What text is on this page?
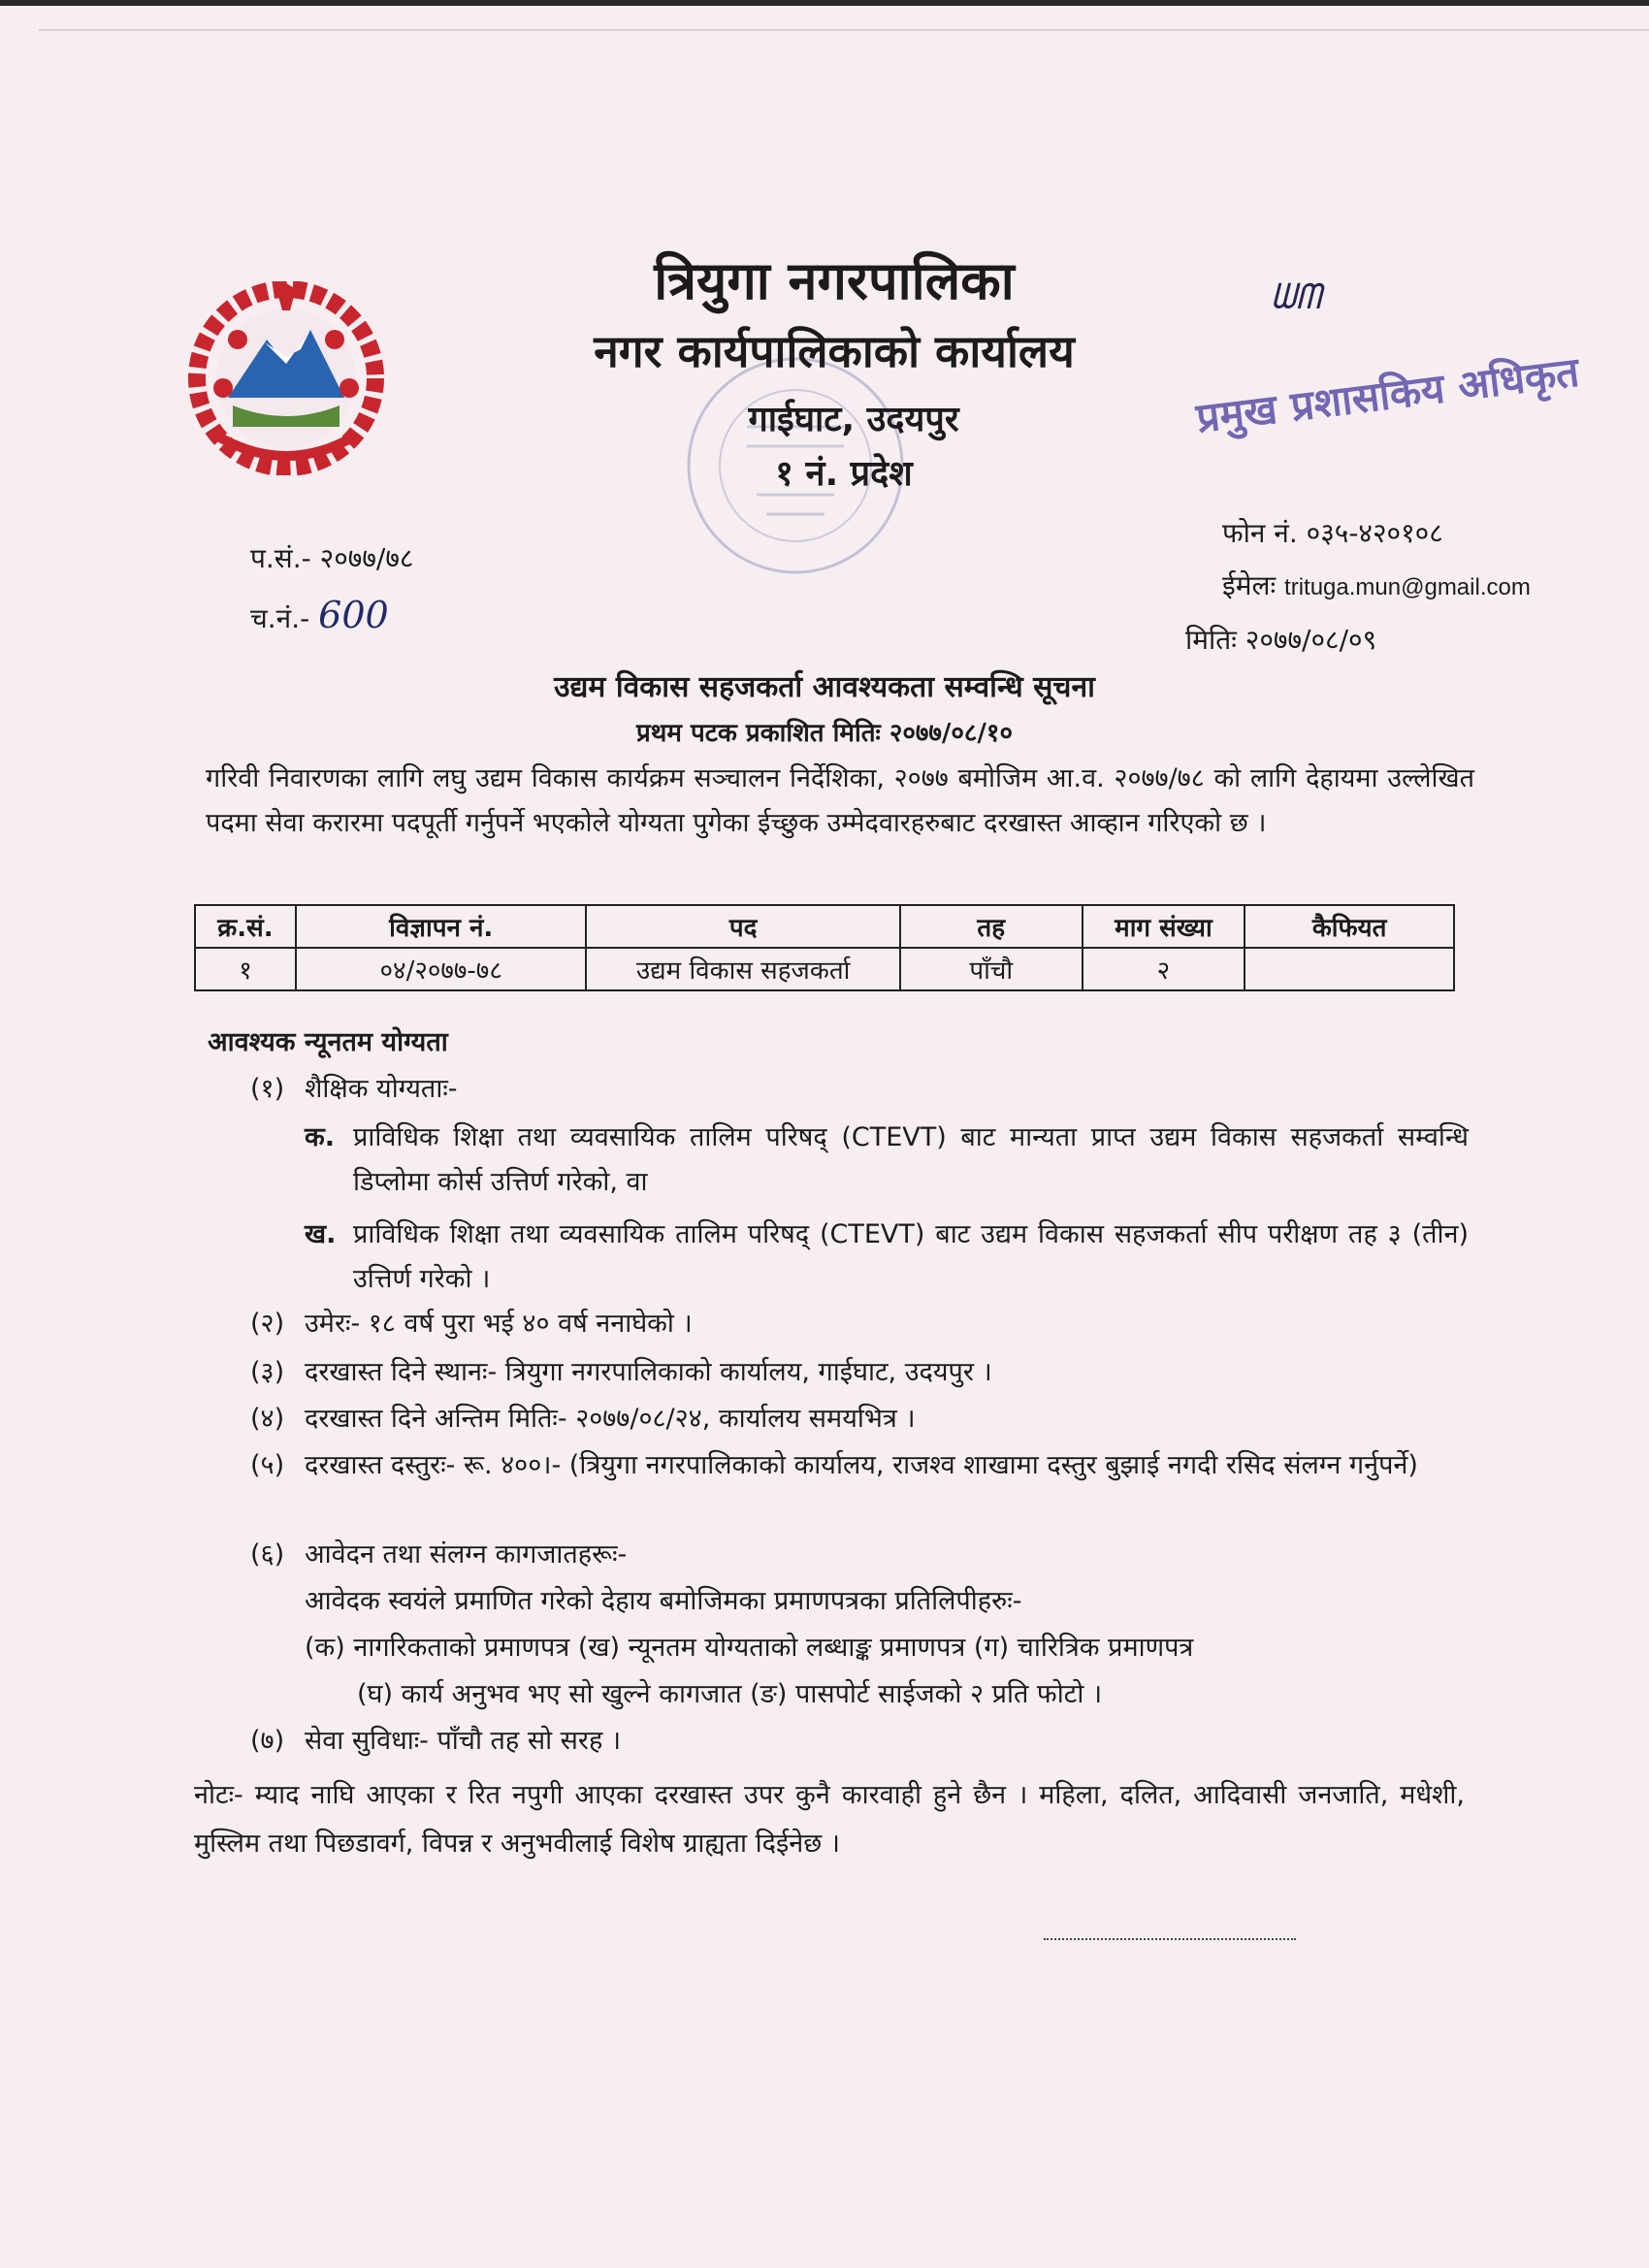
त्रियुगा नगरपालिका
नगर कार्यपालिकाको कार्यालय
गाईघाट, उदयपुर
१ नं. प्रदेश
ᗯᗰ
प्रमुख प्रशासकिय अधिकृत
प.सं.- २०७७/७८
च.नं.- 600
फोन नं. ०३५-४२०१०८
ईमेलः trituga.mun@gmail.com
मितिः २०७७/०८/०९
उद्यम विकास सहजकर्ता आवश्यकता सम्वन्धि सूचना
प्रथम पटक प्रकाशित मितिः २०७७/०८/१०
गरिवी निवारणका लागि लघु उद्यम विकास कार्यक्रम सञ्चालन निर्देशिका, २०७७ बमोजिम आ.व. २०७७/७८ को लागि देहायमा उल्लेखित पदमा सेवा करारमा पदपूर्ती गर्नुपर्ने भएकोले योग्यता पुगेका ईच्छुक उम्मेदवारहरुबाट दरखास्त आव्हान गरिएको छ ।
क्र.सं.	विज्ञापन नं.	पद	तह	माग संख्या	कैफियत
१	०४/२०७७-७८	उद्यम विकास सहजकर्ता	पाँचौ	२	
आवश्यक न्यूनतम योग्यता
(१) शैक्षिक योग्यताः-
क. प्राविधिक शिक्षा तथा व्यवसायिक तालिम परिषद् (CTEVT) बाट मान्यता प्राप्त उद्यम विकास सहजकर्ता सम्वन्धि डिप्लोमा कोर्स उत्तिर्ण गरेको, वा
ख. प्राविधिक शिक्षा तथा व्यवसायिक तालिम परिषद् (CTEVT) बाट उद्यम विकास सहजकर्ता सीप परीक्षण तह ३ (तीन) उत्तिर्ण गरेको ।
(२) उमेरः- १८ वर्ष पुरा भई ४० वर्ष ननाघेको ।
(३) दरखास्त दिने स्थानः- त्रियुगा नगरपालिकाको कार्यालय, गाईघाट, उदयपुर ।
(४) दरखास्त दिने अन्तिम मितिः- २०७७/०८/२४, कार्यालय समयभित्र ।
(५) दरखास्त दस्तुरः- रू. ४००।- (त्रियुगा नगरपालिकाको कार्यालय, राजश्व शाखामा दस्तुर बुझाई नगदी रसिद संलग्न गर्नुपर्ने)
(६) आवेदन तथा संलग्न कागजातहरूः-
आवेदक स्वयंले प्रमाणित गरेको देहाय बमोजिमका प्रमाणपत्रका प्रतिलिपीहरुः-
(क) नागरिकताको प्रमाणपत्र (ख) न्यूनतम योग्यताको लब्धाङ्क प्रमाणपत्र (ग) चारित्रिक प्रमाणपत्र
(घ) कार्य अनुभव भए सो खुल्ने कागजात (ङ) पासपोर्ट साईजको २ प्रति फोटो ।
(७) सेवा सुविधाः- पाँचौ तह सो सरह ।
नोटः- म्याद नाघि आएका र रित नपुगी आएका दरखास्त उपर कुनै कारवाही हुने छैन । महिला, दलित, आदिवासी जनजाति, मधेशी, मुस्लिम तथा पिछडावर्ग, विपन्न र अनुभवीलाई विशेष ग्राह्यता दिईनेछ ।
